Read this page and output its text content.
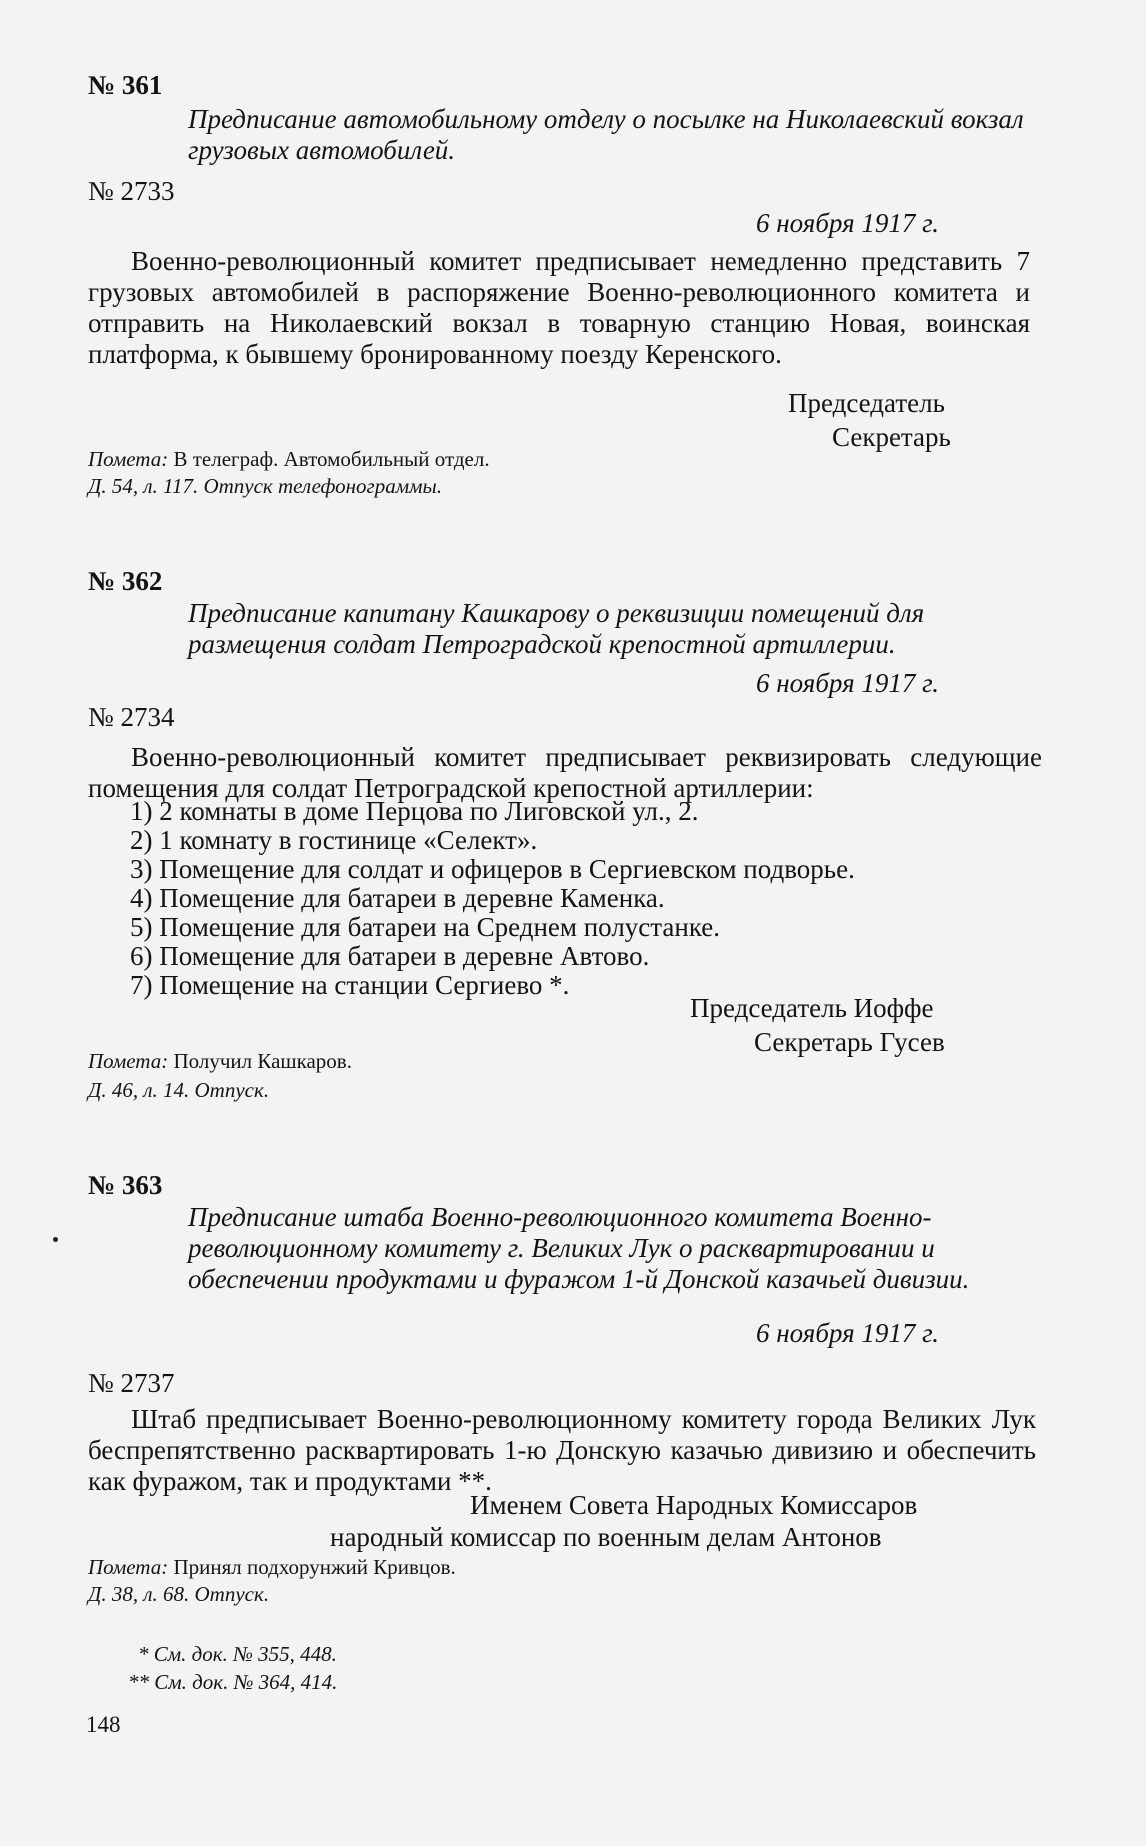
№ 361
Предписание автомобильному отделу о посылке на Николаевский вокзал грузовых автомобилей.
№ 2733
6 ноября 1917 г.

Военно-революционный комитет предписывает немедленно представить 7 грузовых автомобилей в распоряжение Военно-революционного комитета и отправить на Николаевский вокзал в товарную станцию Новая, воинская платформа, к бывшему бронированному поезду Керенского.

Председатель
Секретарь
Помета: В телеграф. Автомобильный отдел.
Д. 54, л. 117. Отпуск телефонограммы.
№ 362
Предписание капитану Кашкарову о реквизиции помещений для размещения солдат Петроградской крепостной артиллерии.
6 ноября 1917 г.
№ 2734

Военно-революционный комитет предписывает реквизировать следующие помещения для солдат Петроградской крепостной артиллерии:

1) 2 комнаты в доме Перцова по Лиговской ул., 2.
2) 1 комнату в гостинице «Селект».
3) Помещение для солдат и офицеров в Сергиевском подворье.
4) Помещение для батареи в деревне Каменка.
5) Помещение для батареи на Среднем полустанке.
6) Помещение для батареи в деревне Автово.
7) Помещение на станции Сергиево *.
Председатель Иоффе
Секретарь Гусев
Помета: Получил Кашкаров.
Д. 46, л. 14. Отпуск.
№ 363
Предписание штаба Военно-революционного комитета Военно-революционному комитету г. Великих Лук о расквартировании и обеспечении продуктами и фуражом 1-й Донской казачьей дивизии.
6 ноября 1917 г.
№ 2737

Штаб предписывает Военно-революционному комитету города Великих Лук беспрепятственно расквартировать 1-ю Донскую казачью дивизию и обеспечить как фуражом, так и продуктами **.

Именем Совета Народных Комиссаров
народный комиссар по военным делам Антонов
Помета: Принял подхорунжий Кривцов.
Д. 38, л. 68. Отпуск.
* См. док. № 355, 448.
** См. док. № 364, 414.
148
